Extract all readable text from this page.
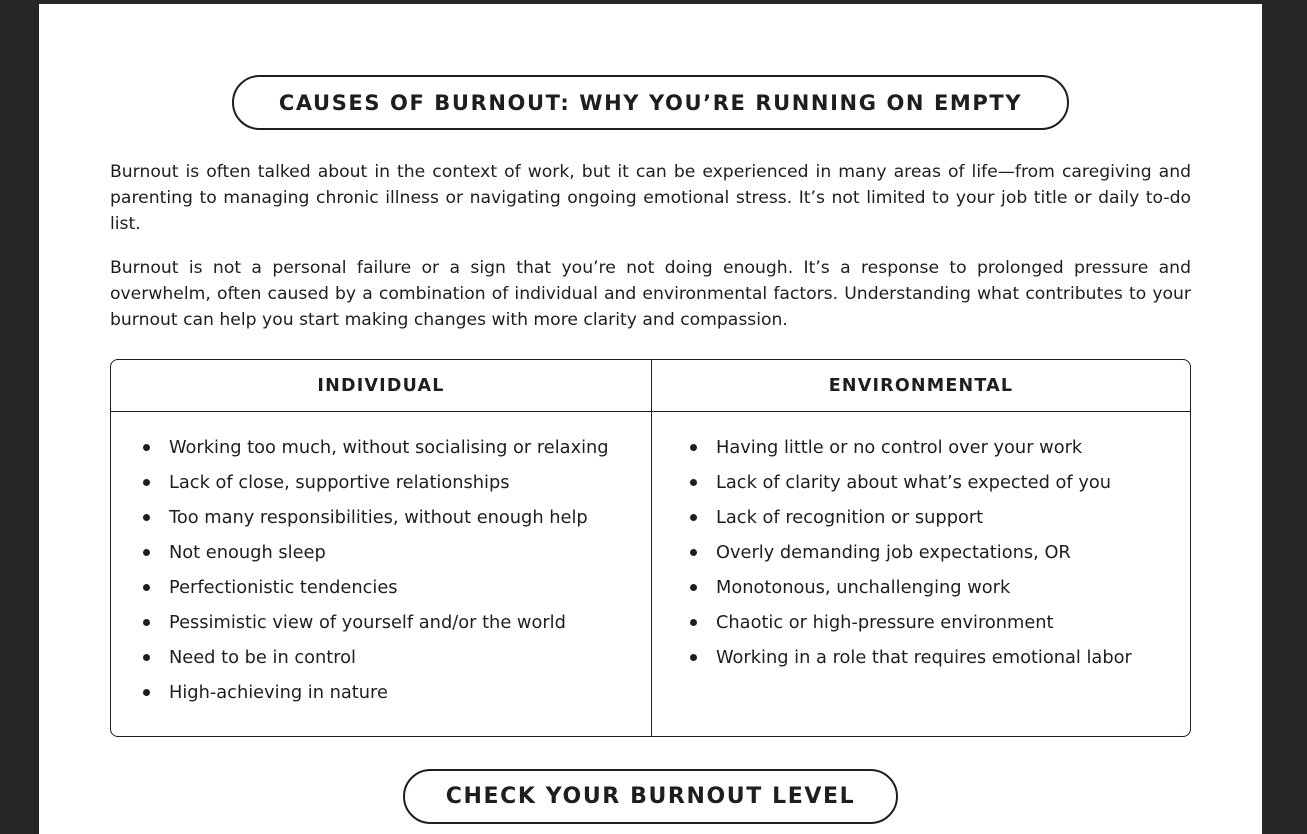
CAUSES OF BURNOUT: WHY YOU’RE RUNNING ON EMPTY

Burnout is often talked about in the context of work, but it can be experienced in many areas of life—from caregiving and parenting to managing chronic illness or navigating ongoing emotional stress. It’s not limited to your job title or daily to-do list.

Burnout is not a personal failure or a sign that you’re not doing enough. It’s a response to prolonged pressure and overwhelm, often caused by a combination of individual and environmental factors. Understanding what contributes to your burnout can help you start making changes with more clarity and compassion.

INDIVIDUAL
Working too much, without socialising or relaxing
Lack of close, supportive relationships
Too many responsibilities, without enough help
Not enough sleep
Perfectionistic tendencies
Pessimistic view of yourself and/or the world
Need to be in control
High-achieving in nature
ENVIRONMENTAL
Having little or no control over your work
Lack of clarity about what’s expected of you
Lack of recognition or support
Overly demanding job expectations, OR
Monotonous, unchallenging work
Chaotic or high-pressure environment
Working in a role that requires emotional labor
CHECK YOUR BURNOUT LEVEL
